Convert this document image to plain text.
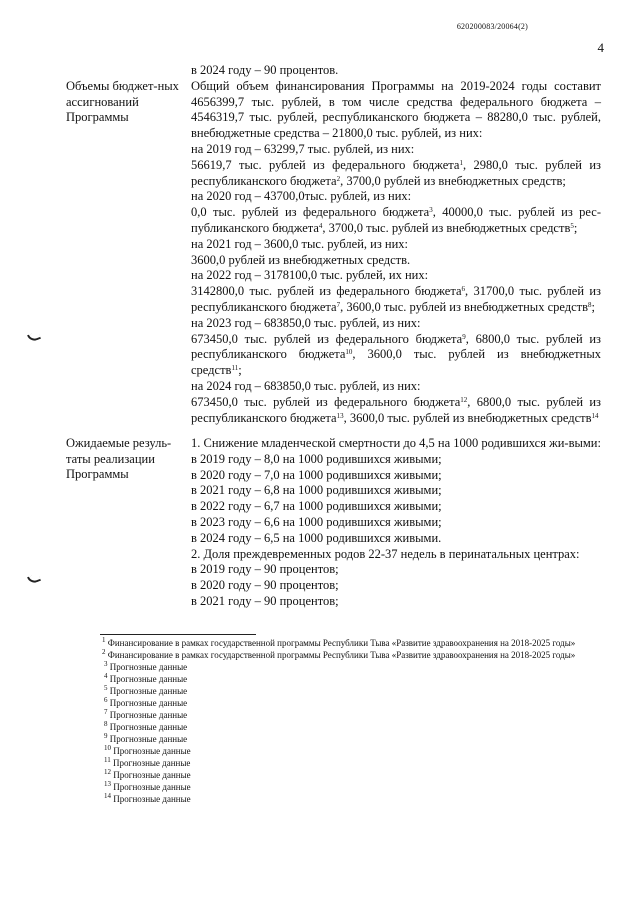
620200083/20064(2)
4
Объемы бюджет-ных ассигнований Программы
Ожидаемые резуль-таты реализации Программы

в 2024 году – 90 процентов.

Общий объем финансирования Программы на 2019-2024 годы составит 4656399,7 тыс. рублей, в том числе средства федерального бюджета – 4546319,7 тыс. рублей, республиканского бюджета – 88280,0 тыс. рублей, внебюджетные средства – 21800,0 тыс. рублей, из них:

на 2019 год – 63299,7 тыс. рублей, из них:

56619,7 тыс. рублей из федерального бюджета$^1$, 2980,0 тыс. рублей из республиканского бюджета$^2$, 3700,0 рублей из внебюджетных средств;

на 2020 год – 43700,0тыс. рублей, из них:

0,0 тыс. рублей из федерального бюджета$^3$, 40000,0 тыс. рублей из рес-публиканского бюджета$^4$, 3700,0 тыс. рублей из внебюджетных средств$^5$;

на 2021 год – 3600,0 тыс. рублей, из них:

3600,0 рублей из внебюджетных средств.

на 2022 год – 3178100,0 тыс. рублей, их них:

3142800,0 тыс. рублей из федерального бюджета$^6$, 31700,0 тыс. рублей из республиканского бюджета$^7$, 3600,0 тыс. рублей из внебюджетных средств$^8$;

на 2023 год – 683850,0 тыс. рублей, из них:

673450,0 тыс. рублей из федерального бюджета$^9$, 6800,0 тыс. рублей из республиканского бюджета$^{10}$, 3600,0 тыс. рублей из внебюджетных средств$^{11}$;

на 2024 год – 683850,0 тыс. рублей, из них:

673450,0 тыс. рублей из федерального бюджета$^{12}$, 6800,0 тыс. рублей из республиканского бюджета$^{13}$, 3600,0 тыс. рублей из внебюджетных средств$^{14}$

1. Снижение младенческой смертности до 4,5 на 1000 родившихся жи-выми:

в 2019 году – 8,0 на 1000 родившихся живыми;

в 2020 году – 7,0 на 1000 родившихся живыми;

в 2021 году – 6,8 на 1000 родившихся живыми;

в 2022 году – 6,7 на 1000 родившихся живыми;

в 2023 году – 6,6 на 1000 родившихся живыми;

в 2024 году – 6,5 на 1000 родившихся живыми.

2. Доля преждевременных родов 22-37 недель в перинатальных центрах:

в 2019 году – 90 процентов;

в 2020 году – 90 процентов;

в 2021 году – 90 процентов;

$^1$ Финансирование в рамках государственной программы Республики Тыва «Развитие здравоохранения на 2018-2025 годы»

$^2$ Финансирование в рамках государственной программы Республики Тыва «Развитие здравоохранения на 2018-2025 годы»

$^3$ Прогнозные данные

$^4$ Прогнозные данные

$^5$ Прогнозные данные

$^6$ Прогнозные данные

$^7$ Прогнозные данные

$^8$ Прогнозные данные

$^9$ Прогнозные данные

$^{10}$ Прогнозные данные

$^{11}$ Прогнозные данные

$^{12}$ Прогнозные данные

$^{13}$ Прогнозные данные

$^{14}$ Прогнозные данные
